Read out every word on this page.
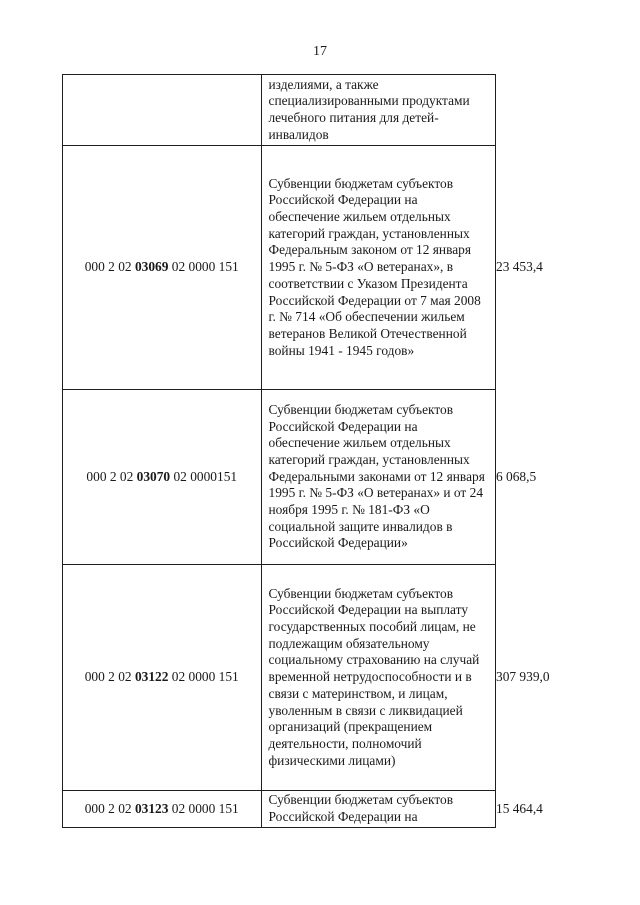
17
	изделиями, а также специализированными продуктами лечебного питания для детей-инвалидов	
000 2 02 03069 02 0000 151	Субвенции бюджетам субъектов Российской Федерации на обеспечение жильем отдельных категорий граждан, установленных Федеральным законом от 12 января 1995 г. № 5-ФЗ «О ветеранах», в соответствии с Указом Президента Российской Федерации от 7 мая 2008 г. № 714 «Об обеспечении жильем ветеранов Великой Отечественной войны 1941 - 1945 годов»	23 453,4
000 2 02 03070 02 0000151	Субвенции бюджетам субъектов Российской Федерации на обеспечение жильем отдельных категорий граждан, установленных Федеральными законами от 12 января 1995 г. № 5-ФЗ «О ветеранах» и от 24 ноября 1995 г. № 181-ФЗ «О социальной защите инвалидов в Российской Федерации»	6 068,5
000 2 02 03122 02 0000 151	Субвенции бюджетам субъектов Российской Федерации на выплату государственных пособий лицам, не подлежащим обязательному социальному страхованию на случай временной нетрудоспособности и в связи с материнством, и лицам, уволенным в связи с ликвидацией организаций (прекращением деятельности, полномочий физическими лицами)	307 939,0
000 2 02 03123 02 0000 151	Субвенции бюджетам субъектов Российской Федерации на	15 464,4
